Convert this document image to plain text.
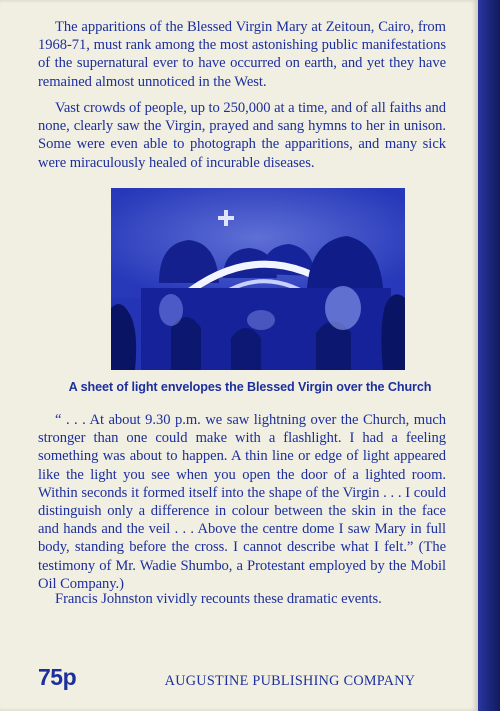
The apparitions of the Blessed Virgin Mary at Zeitoun, Cairo, from 1968-71, must rank among the most astonishing public manifestations of the supernatural ever to have occurred on earth, and yet they have remained almost unnoticed in the West.

Vast crowds of people, up to 250,000 at a time, and of all faiths and none, clearly saw the Virgin, prayed and sang hymns to her in unison. Some were even able to photograph the apparitions, and many sick were miraculously healed of incurable diseases.

A sheet of light envelopes the Blessed Virgin over the Church

“ . . . At about 9.30 p.m. we saw lightning over the Church, much stronger than one could make with a flashlight. I had a feeling something was about to happen. A thin line or edge of light appeared like the light you see when you open the door of a lighted room. Within seconds it formed itself into the shape of the Virgin . . . I could distinguish only a difference in colour between the skin in the face and hands and the veil . . . Above the centre dome I saw Mary in full body, standing before the cross. I cannot describe what I felt.” (The testimony of Mr. Wadie Shumbo, a Protestant employed by the Mobil Oil Company.)

Francis Johnston vividly recounts these dramatic events.

75p	AUGUSTINE PUBLISHING COMPANY
